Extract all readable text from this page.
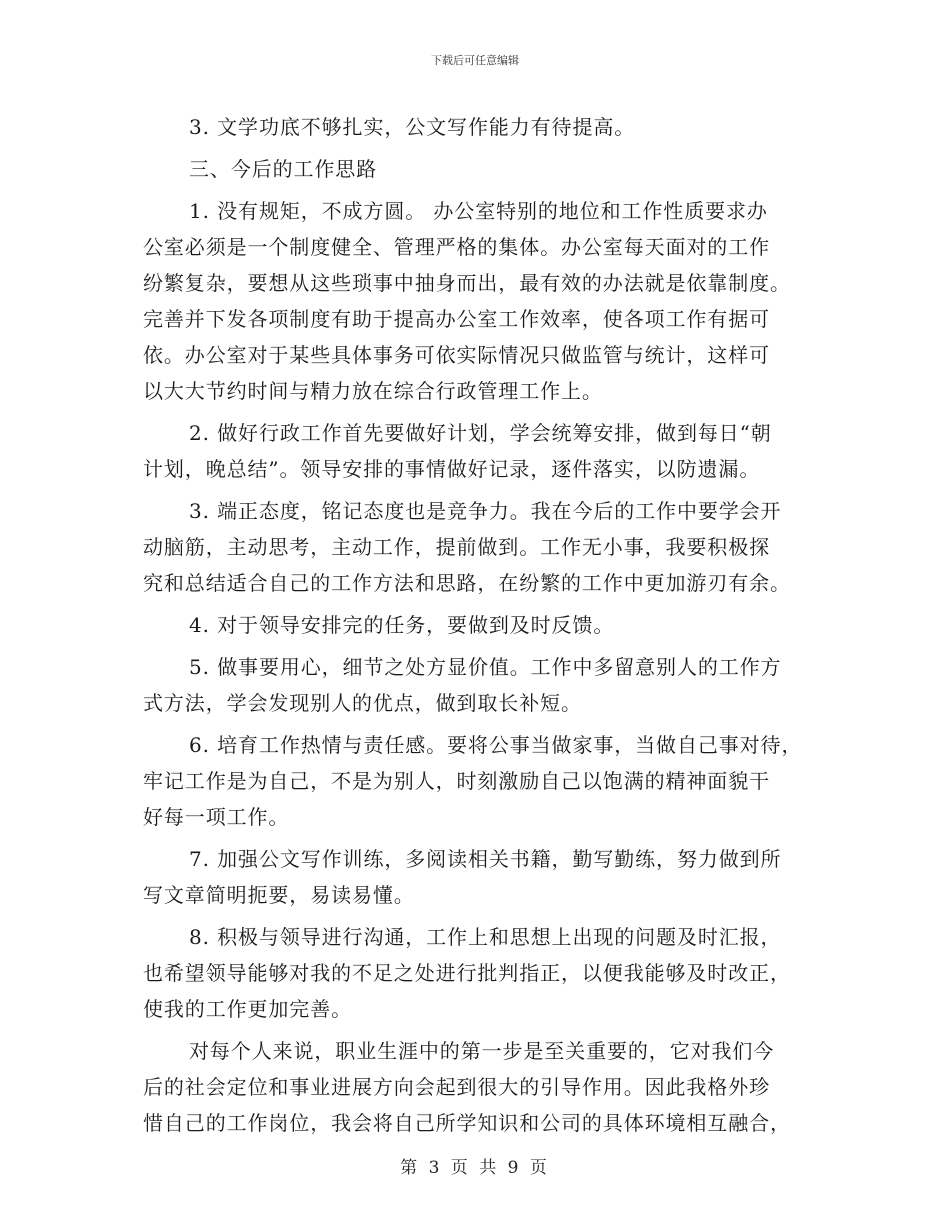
下载后可任意编辑
3. 文学功底不够扎实，公文写作能力有待提高。
三、今后的工作思路
1. 没有规矩，不成方圆。 办公室特别的地位和工作性质要求办
公室必须是一个制度健全、管理严格的集体。办公室每天面对的工作
纷繁复杂，要想从这些琐事中抽身而出，最有效的办法就是依靠制度。
完善并下发各项制度有助于提高办公室工作效率，使各项工作有据可
依。办公室对于某些具体事务可依实际情况只做监管与统计，这样可
以大大节约时间与精力放在综合行政管理工作上。
2. 做好行政工作首先要做好计划，学会统筹安排，做到每日“朝
计划，晚总结”。领导安排的事情做好记录，逐件落实，以防遗漏。
3. 端正态度，铭记态度也是竞争力。我在今后的工作中要学会开
动脑筋，主动思考，主动工作，提前做到。工作无小事，我要积极探
究和总结适合自己的工作方法和思路，在纷繁的工作中更加游刃有余。
4. 对于领导安排完的任务，要做到及时反馈。
5. 做事要用心，细节之处方显价值。工作中多留意别人的工作方
式方法，学会发现别人的优点，做到取长补短。
6. 培育工作热情与责任感。要将公事当做家事，当做自己事对待，
牢记工作是为自己，不是为别人，时刻激励自己以饱满的精神面貌干
好每一项工作。
7. 加强公文写作训练，多阅读相关书籍，勤写勤练，努力做到所
写文章简明扼要，易读易懂。
8. 积极与领导进行沟通，工作上和思想上出现的问题及时汇报，
也希望领导能够对我的不足之处进行批判指正，以便我能够及时改正，
使我的工作更加完善。
对每个人来说，职业生涯中的第一步是至关重要的，它对我们今
后的社会定位和事业进展方向会起到很大的引导作用。因此我格外珍
惜自己的工作岗位，我会将自己所学知识和公司的具体环境相互融合，
第 3 页 共 9 页
